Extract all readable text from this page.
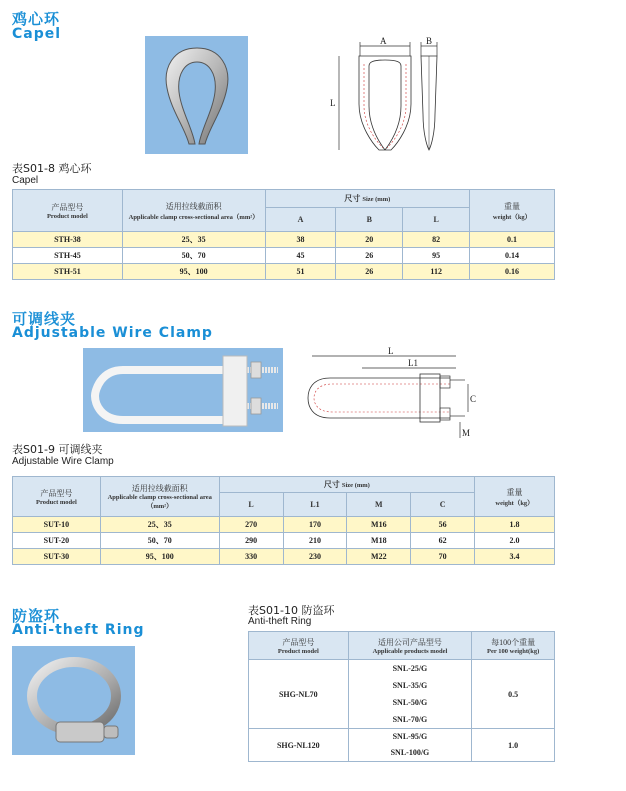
鸡心环
Capel	A	B
L
表S01-8 鸡心环
Capel
产品型号
Product model	适用拉线截面积
Applicable clamp cross-sectional area（mm²）	尺寸 Size (mm)			重量
weight（kg）

		A	B	L	
STH-38	25、35	38	20	82	0.1
STH-45	50、70	45	26	95	0.14
STH-51	95、100	51	26	112	0.16
可调线夹
Adjustable Wire Clamp
L
L1
C
M
表S01-9 可调线夹
Adjustable Wire Clamp
产品型号
Product model	适用拉线截面积
Applicable clamp cross-sectional area（mm²）	尺寸 Size (mm)				重量
weight（kg）

		L	L1	M	C	
SUT-10	25、35	270	170	M16	56	1.8
SUT-20	50、70	290	210	M18	62	2.0
SUT-30	95、100	330	230	M22	70	3.4
防盗环
Anti-theft Ring
表S01-10 防盗环
Anti-theft Ring
产品型号
Product model	适用公司产品型号
Applicable products model	每100个重量
Per 100 weight(kg)

SHG-NL70	SNL-25/G
SNL-35/G
SNL-50/G
SNL-70/G	0.5
SHG-NL120	SNL-95/G
SNL-100/G	1.0
